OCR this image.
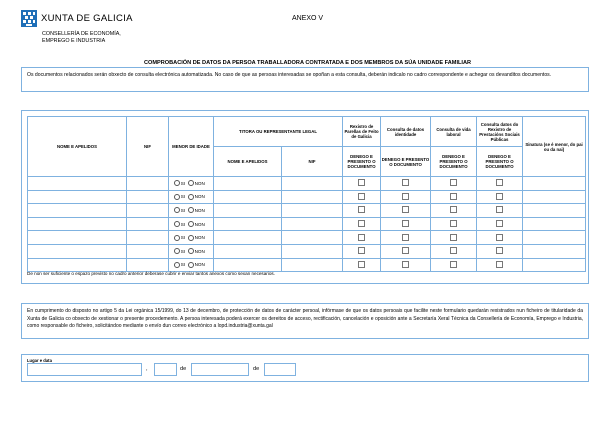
XUNTA DE GALICIA
CONSELLERÍA DE ECONOMÍA,
EMPREGO E INDUSTRIA
ANEXO V
COMPROBACIÓN DE DATOS DA PERSOA TRABALLADORA CONTRATADA E DOS MEMBROS DA SÚA UNIDADE FAMILIAR
Os documentos relacionados serán obxecto de consulta electrónica automatizada. No caso de que as persoas interesadas se opoñan a esta consulta, deberán indicalo no cadro correspondente e achegar os devanditos documentos.
NOME E APELIDOS	NIF	MENOR DE IDADE	TITORA OU REPRESENTANTE LEGAL		Rexistro de Parellas de Feito de Galicia	Consulta de datos identidade	Consulta de vida laboral	Consulta datos do Rexistro de Prestacións Sociais Públicas	Sinatura (se é menor, do pai ou da nai)
			NOME E APELIDOS	NIF	DENEGO E PRESENTO O DOCUMENTO	DENEGO E PRESENTO O DOCUMENTO	DENEGO E PRESENTO O DOCUMENTO	DENEGO E PRESENTO O DOCUMENTO	
		SI NON							
		SI NON							
		SI NON							
		SI NON							
		SI NON							
		SI NON							
		SI NON							
De non ser suficiente o espazo previsto no cadro anterior deberase cubrir e enviar tantos anexos como sexan necesarios.
En cumprimento do disposto no artigo 5 da Lei orgánica 15/1999, do 13 de decembro, de protección de datos de carácter persoal, infórmase de que os datos persoais que facilite neste formulario quedarán rexistrados nun ficheiro de titularidade da Xunta de Galicia co obxecto de xestionar o presente procedemento. A persoa interesada poderá exercer os dereitos de acceso, rectificación, cancelación e oposición ante a Secretaría Xeral Técnica da Consellería de Economía, Emprego e Industria, como responsable do ficheiro, solicitándoo mediante o envío dun correo electrónico a lopd.industria@xunta.gal
Lugar e data
,	de	de
